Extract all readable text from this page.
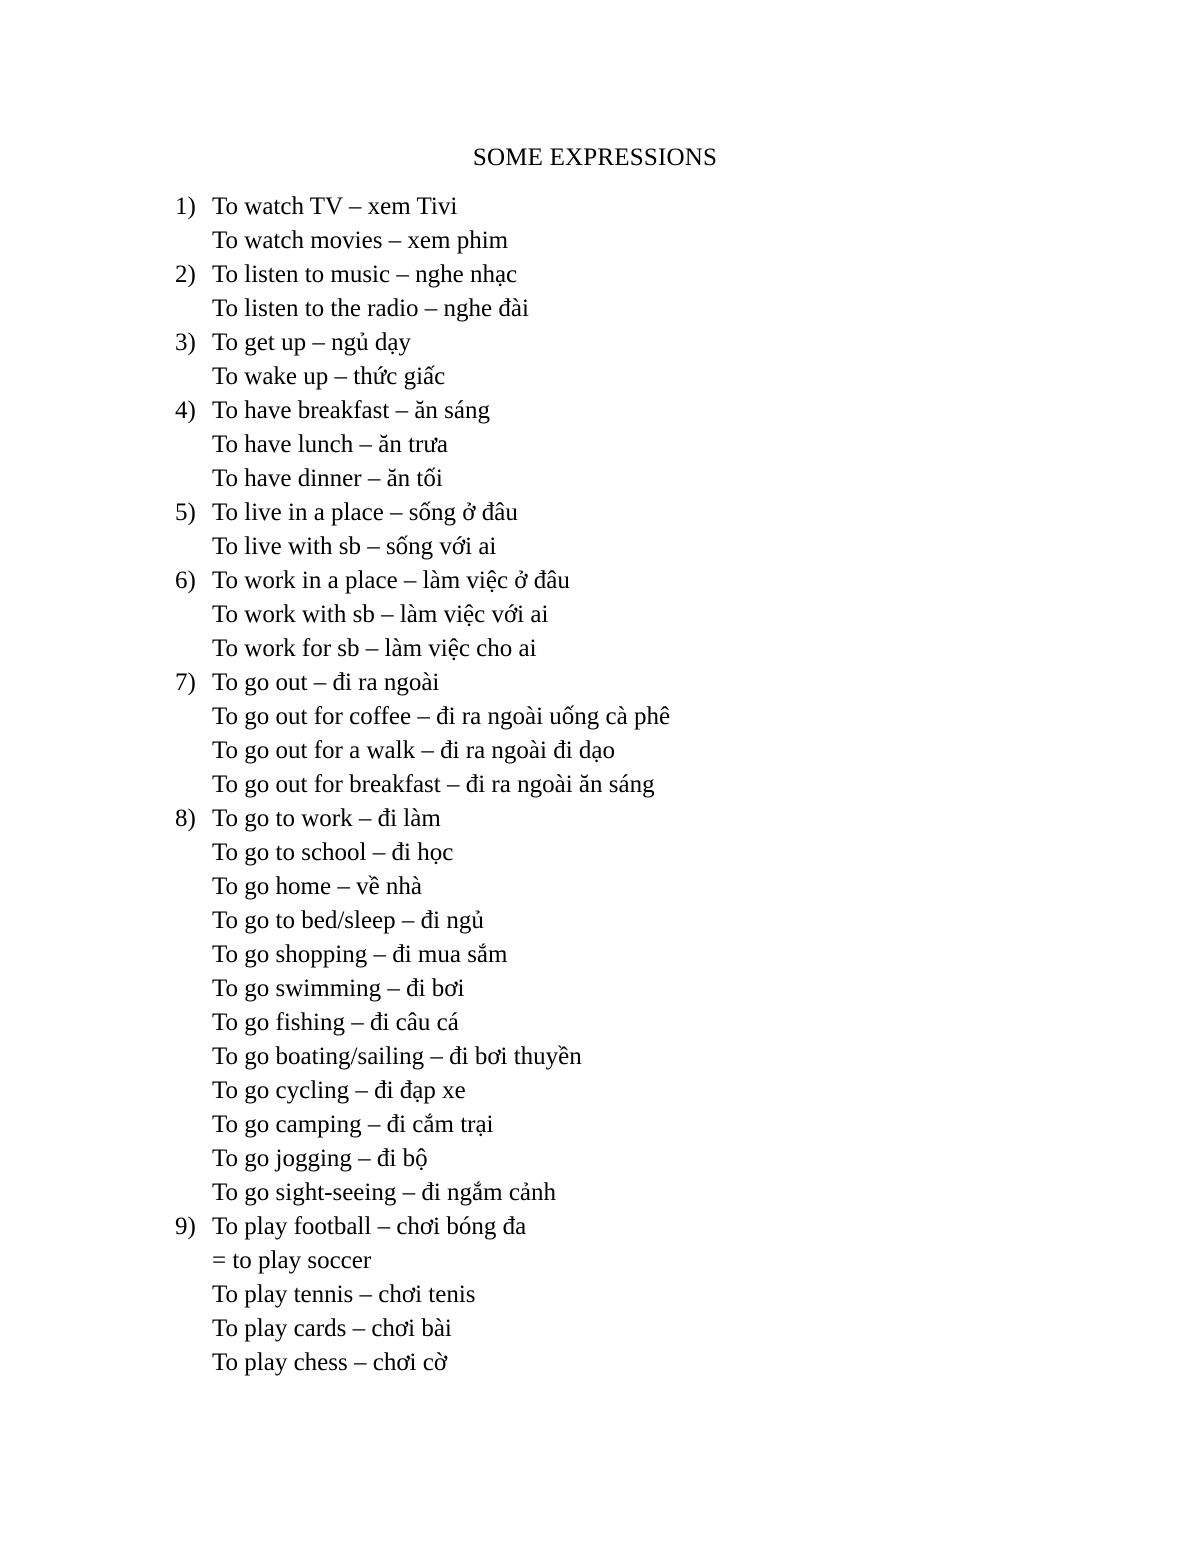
SOME EXPRESSIONS
1) To watch TV – xem Tivi
To watch movies – xem phim
2) To listen to music – nghe nhạc
To listen to the radio – nghe đài
3) To get up – ngủ dạy
To wake up – thức giấc
4) To have breakfast – ăn sáng
To have lunch – ăn trưa
To have dinner – ăn tối
5) To live in a place – sống ở đâu
To live with sb – sống với ai
6) To work in a place – làm việc ở đâu
To work with sb – làm việc với ai
To work for sb – làm việc cho ai
7) To go out – đi ra ngoài
To go out for coffee – đi ra ngoài uống cà phê
To go out for a walk – đi ra ngoài đi dạo
To go out for breakfast – đi ra ngoài ăn sáng
8) To go to work – đi làm
To go to school – đi học
To go home – về nhà
To go to bed/sleep – đi ngủ
To go shopping – đi mua sắm
To go swimming – đi bơi
To go fishing – đi câu cá
To go boating/sailing – đi bơi thuyền
To go cycling – đi đạp xe
To go camping – đi cắm trại
To go jogging – đi bộ
To go sight-seeing – đi ngắm cảnh
9) To play football – chơi bóng đa
= to play soccer
To play tennis – chơi tenis
To play cards – chơi bài
To play chess – chơi cờ
